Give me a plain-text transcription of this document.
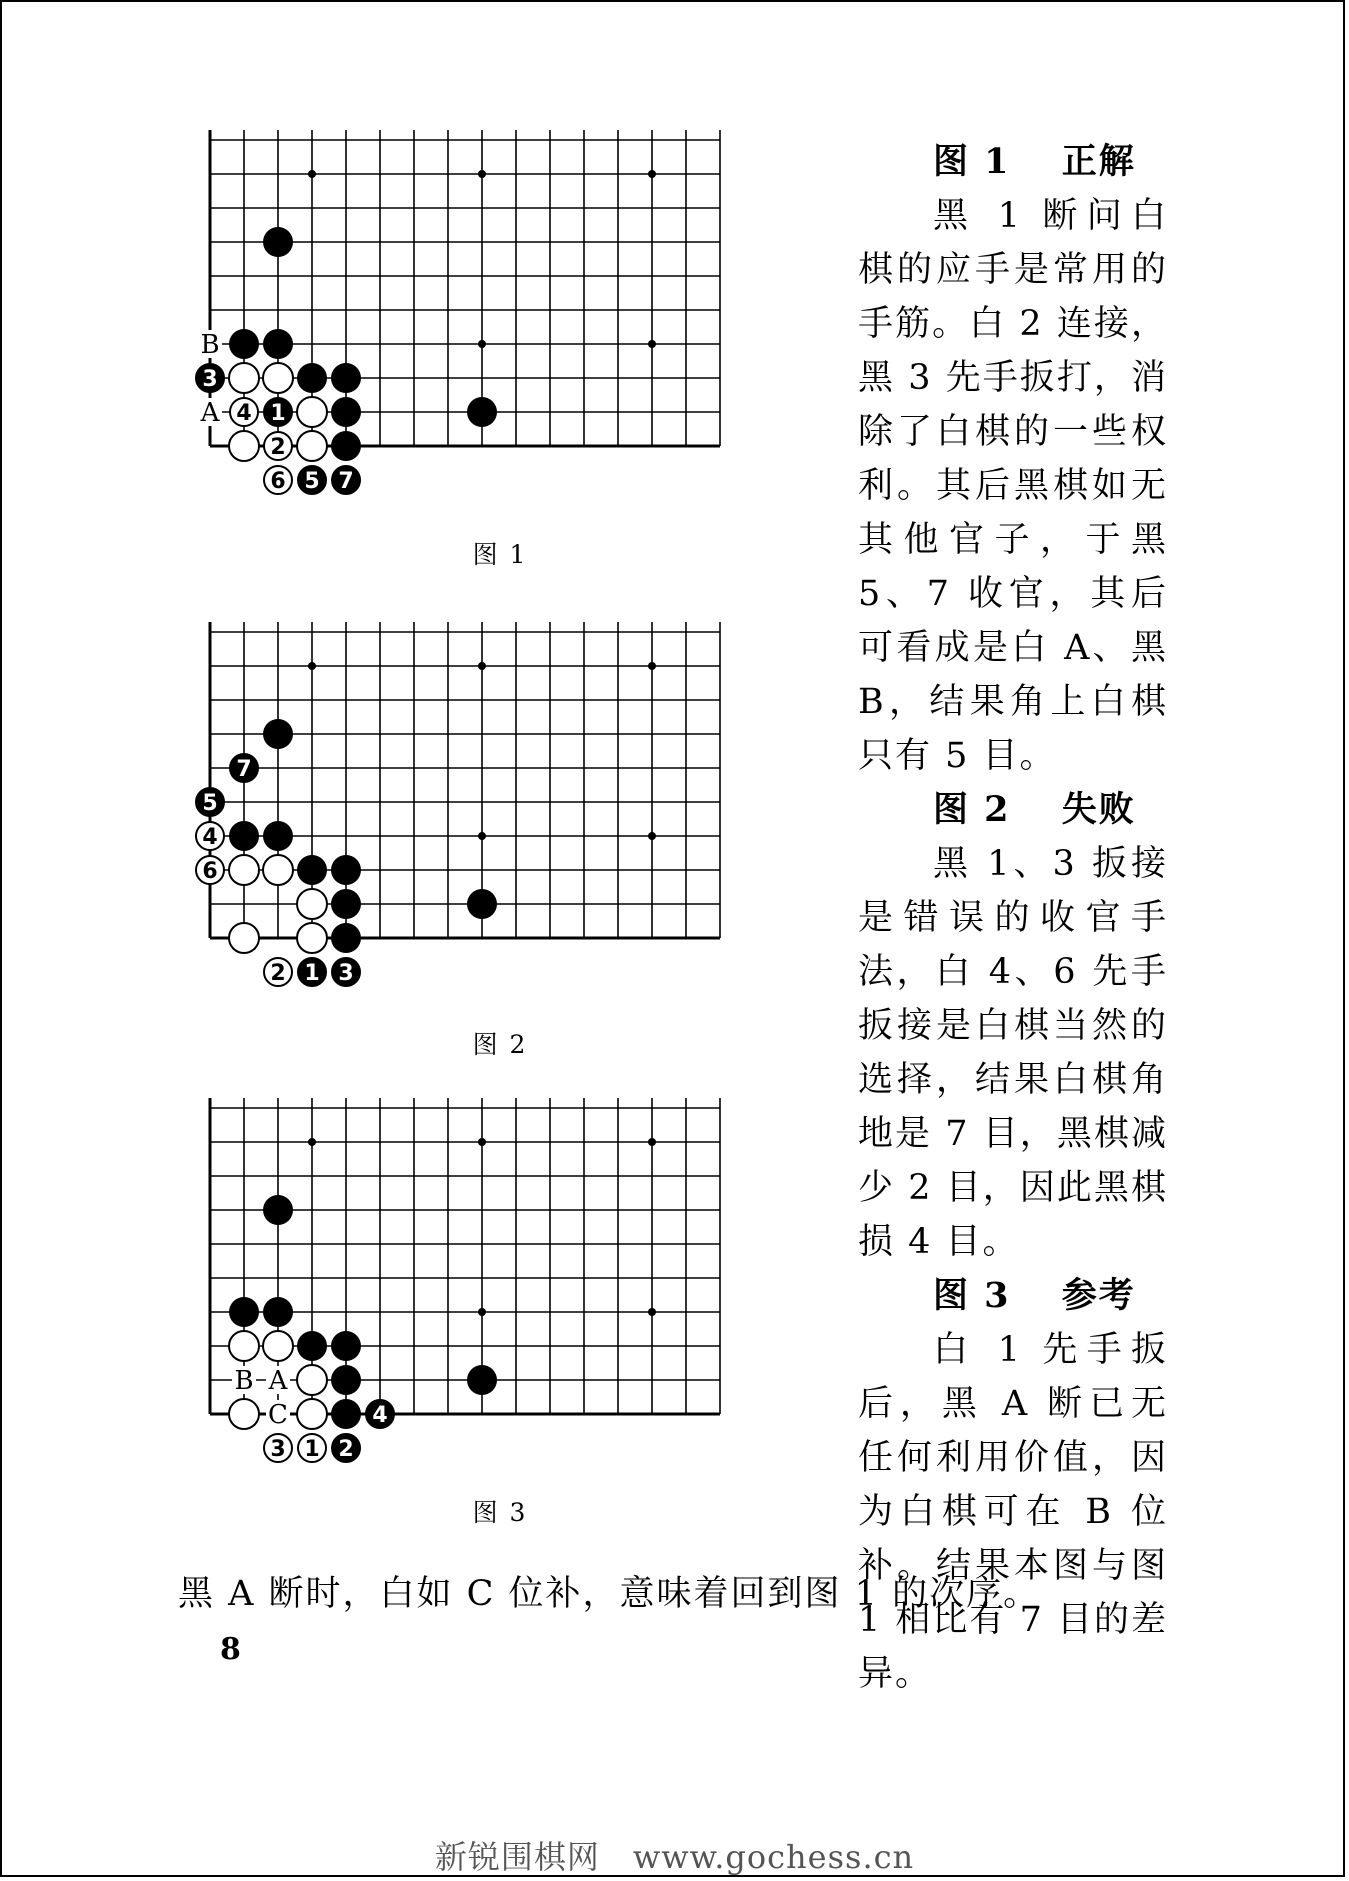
1
2
3
4
5
6 7
B
A
图 1
1
2 3
4
5
6
7
图 2
1 2
3
4
B A
C
图 3
图 1　 正解
黑 1 断问白棋的应手是常用的手筋。白 2 连接，黑 3 先手扳打，消除了白棋的一些权利。其后黑棋如无其他官子，于黑 5、7 收官，其后可看成是白 A、黑 B，结果角上白棋只有 5 目。
图 2　 失败
黑 1、3 扳接是错误的收官手法，白 4、6 先手扳接是白棋当然的选择，结果白棋角地是 7 目，黑棋减少 2 目，因此黑棋损 4 目。
图 3　 参考
白 1 先手扳后，黑 A 断已无任何利用价值，因为白棋可在 B 位补。结果本图与图 1 相比有 7 目的差异。
黑 A 断时，白如 C 位补，意味着回到图 1 的次序。
8
新锐围棋网　www.gochess.cn
